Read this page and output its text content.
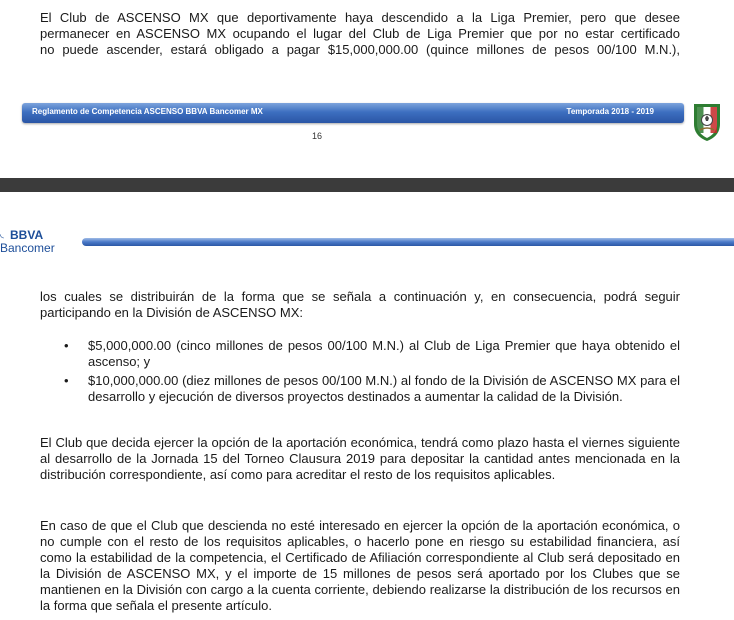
El Club de ASCENSO MX que deportivamente haya descendido a la Liga Premier, pero que desee
permanecer en ASCENSO MX ocupando el lugar del Club de Liga Premier que por no estar certificado
no puede ascender, estará obligado a pagar $15,000,000.00 (quince millones de pesos 00/100 M.N.),

Reglamento de Competencia ASCENSO BBVA Bancomer MX	Temporada 2018 - 2019
16
◟ BBVA
Bancomer

los cuales se distribuirán de la forma que se señala a continuación y, en consecuencia, podrá seguir participando en la División de ASCENSO MX:

• $5,000,000.00 (cinco millones de pesos 00/100 M.N.) al Club de Liga Premier que haya obtenido el ascenso; y
• $10,000,000.00 (diez millones de pesos 00/100 M.N.) al fondo de la División de ASCENSO MX para el desarrollo y ejecución de diversos proyectos destinados a aumentar la calidad de la División.

El Club que decida ejercer la opción de la aportación económica, tendrá como plazo hasta el viernes siguiente al desarrollo de la Jornada 15 del Torneo Clausura 2019 para depositar la cantidad antes mencionada en la distribución correspondiente, así como para acreditar el resto de los requisitos aplicables.

En caso de que el Club que descienda no esté interesado en ejercer la opción de la aportación económica, o no cumple con el resto de los requisitos aplicables, o hacerlo pone en riesgo su estabilidad financiera, así como la estabilidad de la competencia, el Certificado de Afiliación correspondiente al Club será depositado en la División de ASCENSO MX, y el importe de 15 millones de pesos será aportado por los Clubes que se mantienen en la División con cargo a la cuenta corriente, debiendo realizarse la distribución de los recursos en la forma que señala el presente artículo.
